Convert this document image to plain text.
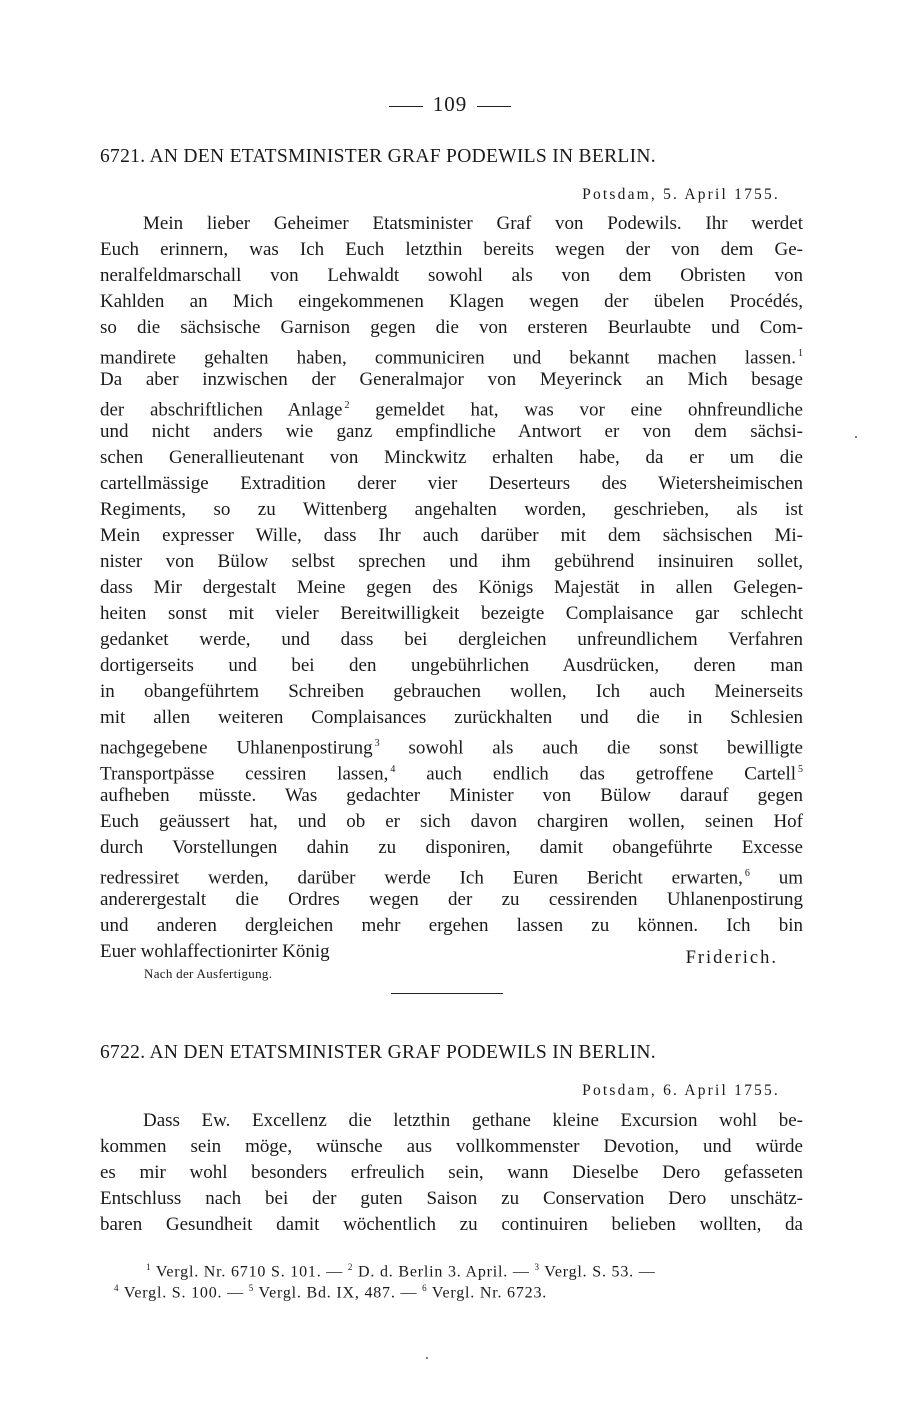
109
6721. AN DEN ETATSMINISTER GRAF PODEWILS IN BERLIN.
Potsdam, 5. April 1755.
Mein lieber Geheimer Etatsminister Graf von Podewils. Ihr werdet
Euch erinnern, was Ich Euch letzthin bereits wegen der von dem Ge-
neralfeldmarschall von Lehwaldt sowohl als von dem Obristen von
Kahlden an Mich eingekommenen Klagen wegen der übelen Procédés,
so die sächsische Garnison gegen die von ersteren Beurlaubte und Com-
mandirete gehalten haben, communiciren und bekannt machen lassen. $^1$
Da aber inzwischen der Generalmajor von Meyerinck an Mich besage
der abschriftlichen Anlage $^2$ gemeldet hat, was vor eine ohnfreundliche
und nicht anders wie ganz empfindliche Antwort er von dem sächsi-
schen Generallieutenant von Minckwitz erhalten habe, da er um die
cartellmässige Extradition derer vier Deserteurs des Wietersheimischen
Regiments, so zu Wittenberg angehalten worden, geschrieben, als ist
Mein expresser Wille, dass Ihr auch darüber mit dem sächsischen Mi-
nister von Bülow selbst sprechen und ihm gebührend insinuiren sollet,
dass Mir dergestalt Meine gegen des Königs Majestät in allen Gelegen-
heiten sonst mit vieler Bereitwilligkeit bezeigte Complaisance gar schlecht
gedanket werde, und dass bei dergleichen unfreundlichem Verfahren
dortigerseits und bei den ungebührlichen Ausdrücken, deren man
in obangeführtem Schreiben gebrauchen wollen, Ich auch Meinerseits
mit allen weiteren Complaisances zurückhalten und die in Schlesien
nachgegebene Uhlanenpostirung $^3$ sowohl als auch die sonst bewilligte
Transportpässe cessiren lassen, $^4$ auch endlich das getroffene Cartell $^5$
aufheben müsste. Was gedachter Minister von Bülow darauf gegen
Euch geäussert hat, und ob er sich davon chargiren wollen, seinen Hof
durch Vorstellungen dahin zu disponiren, damit obangeführte Excesse
redressiret werden, darüber werde Ich Euren Bericht erwarten, $^6$ um
anderergestalt die Ordres wegen der zu cessirenden Uhlanenpostirung
und anderen dergleichen mehr ergehen lassen zu können. Ich bin
Euer wohlaffectionirter König	Friderich.
Nach der Ausfertigung.
6722. AN DEN ETATSMINISTER GRAF PODEWILS IN BERLIN.
Potsdam, 6. April 1755.
Dass Ew. Excellenz die letzthin gethane kleine Excursion wohl be-
kommen sein möge, wünsche aus vollkommenster Devotion, und würde
es mir wohl besonders erfreulich sein, wann Dieselbe Dero gefasseten
Entschluss nach bei der guten Saison zu Conservation Dero unschätz-
baren Gesundheit damit wöchentlich zu continuiren belieben wollten, da
$^1$ Vergl. Nr. 6710 S. 101. — $^2$ D. d. Berlin 3. April. — $^3$ Vergl. S. 53. —
$^4$ Vergl. S. 100. — $^5$ Vergl. Bd. IX, 487. — $^6$ Vergl. Nr. 6723.
